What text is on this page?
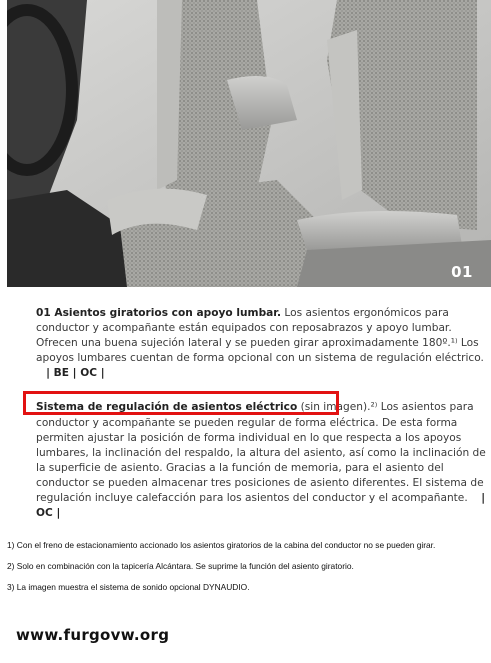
01

01 Asientos giratorios con apoyo lumbar. Los asientos ergonómicos para conductor y acompañante están equipados con reposabrazos y apoyo lumbar. Ofrecen una buena sujeción lateral y se pueden girar aproximadamente 180º.¹⁾ Los apoyos lumbares cuentan de forma opcional con un sistema de regulación eléctrico.    | BE | OC |

Sistema de regulación de asientos eléctrico (sin imagen).²⁾ Los asientos para conductor y acompañante se pueden regular de forma eléctrica. De esta forma permiten ajustar la posición de forma individual en lo que respecta a los apoyos lumbares, la inclinación del respaldo, la altura del asiento, así como la inclinación de la superficie de asiento. Gracias a la función de memoria, para el asiento del conductor se pueden almacenar tres posiciones de asiento diferentes. El sistema de regulación incluye calefacción para los asientos del conductor y el acompañante. | OC |

1) Con el freno de estacionamiento accionado los asientos giratorios de la cabina del conductor no se pueden girar.

2) Solo en combinación con la tapicería Alcántara. Se suprime la función del asiento giratorio.

3) La imagen muestra el sistema de sonido opcional DYNAUDIO.

www.furgovw.org
